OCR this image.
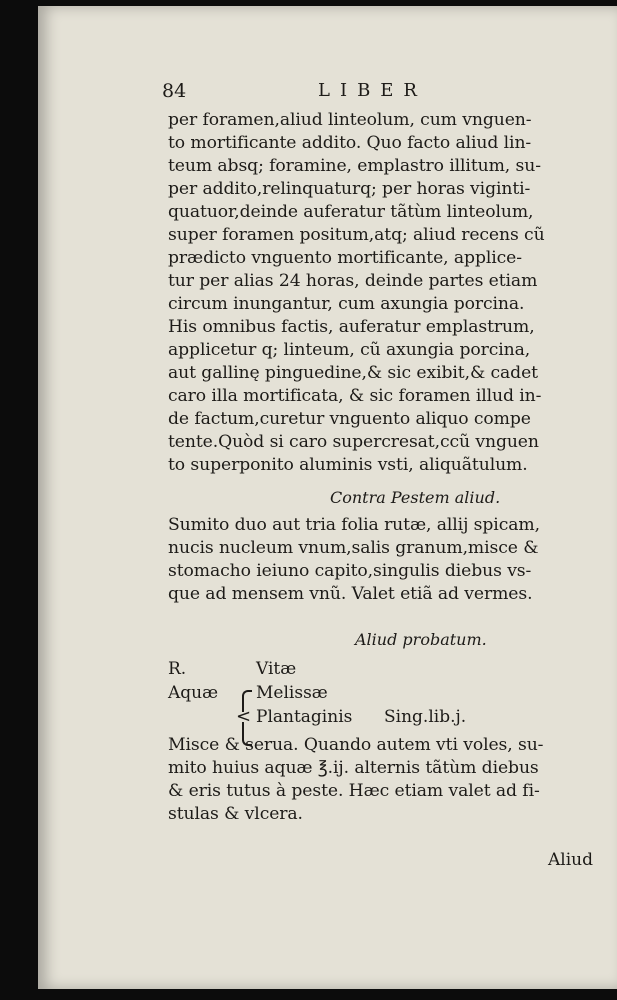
84	LIBER
per foramen,aliud linteolum, cum vnguen-
to mortificante addito. Quo facto aliud lin-
teum absq; foramine, emplastro illitum, su-
per addito,relinquaturq; per horas viginti-
quatuor,deinde auferatur tãtùm linteolum,
super foramen positum,atq; aliud recens cũ
prædicto vnguento mortificante, applice-
tur per alias 24 horas, deinde partes etiam
circum inungantur, cum axungia porcina.
His omnibus factis, auferatur emplastrum,
applicetur q; linteum, cũ axungia porcina,
aut gallinę pinguedine,& sic exibit,& cadet
caro illa mortificata, & sic foramen illud in-
de factum,curetur vnguento aliquo compe
tente.Quòd si caro supercresat,ccũ vnguen
to superponito aluminis vsti, aliquãtulum.
Contra Pestem aliud.
Sumito duo aut tria folia rutæ, allij spicam,
nucis nucleum vnum,salis granum,misce &
stomacho ieiuno capito,singulis diebus vs-
que ad mensem vnũ. Valet etiã ad vermes.
Aliud probatum.
R.
Aquæ
<
Vitæ
Melissæ
Plantaginis Sing.lib.j.
Misce & serua. Quando autem vti voles, su-
mito huius aquæ ℥.ij. alternis tãtùm diebus
& eris tutus à peste. Hæc etiam valet ad fi-
stulas & vlcera.
Aliud
